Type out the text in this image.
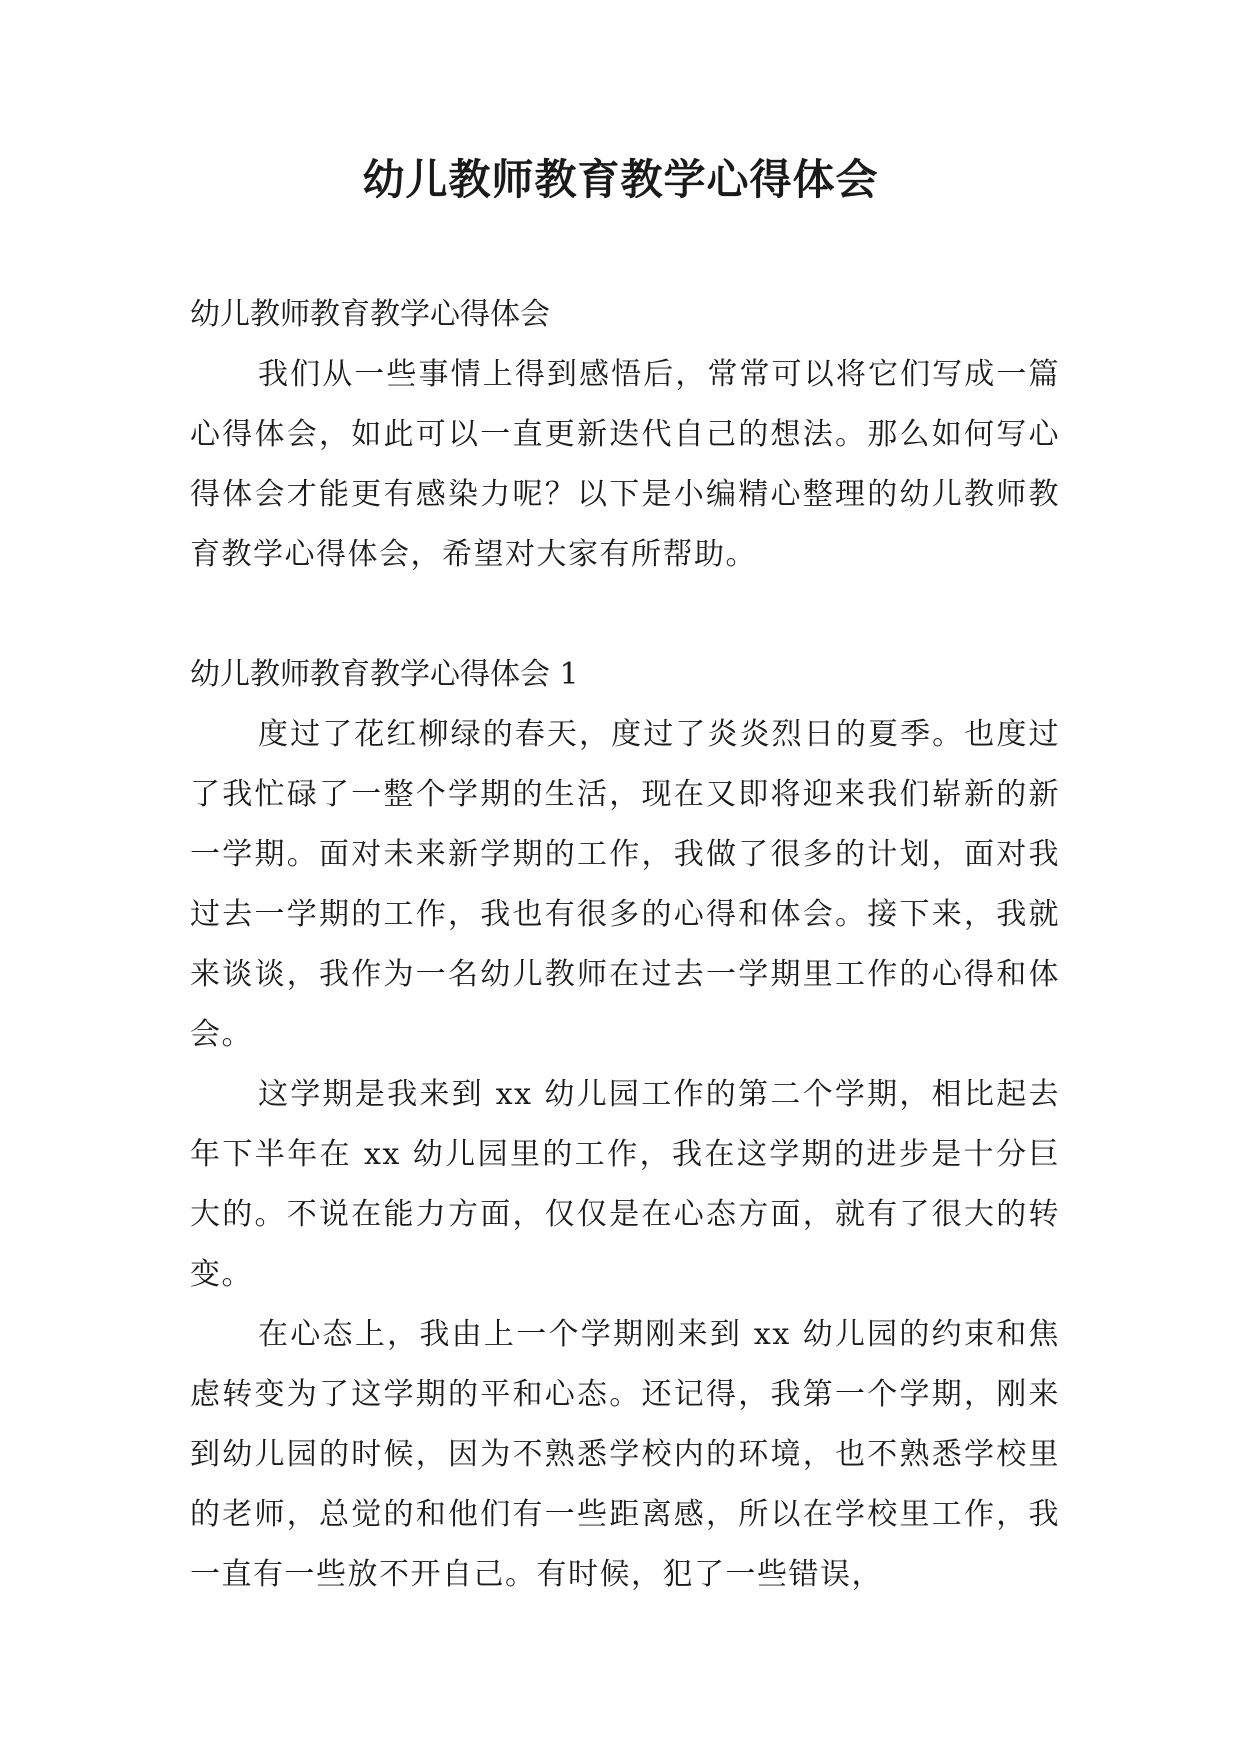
幼儿教师教育教学心得体会

幼儿教师教育教学心得体会

我们从一些事情上得到感悟后，常常可以将它们写成一篇心得体会，如此可以一直更新迭代自己的想法。那么如何写心得体会才能更有感染力呢？以下是小编精心整理的幼儿教师教育教学心得体会，希望对大家有所帮助。

幼儿教师教育教学心得体会 1

度过了花红柳绿的春天，度过了炎炎烈日的夏季。也度过了我忙碌了一整个学期的生活，现在又即将迎来我们崭新的新一学期。面对未来新学期的工作，我做了很多的计划，面对我过去一学期的工作，我也有很多的心得和体会。接下来，我就来谈谈，我作为一名幼儿教师在过去一学期里工作的心得和体会。

这学期是我来到 xx 幼儿园工作的第二个学期，相比起去年下半年在 xx 幼儿园里的工作，我在这学期的进步是十分巨大的。不说在能力方面，仅仅是在心态方面，就有了很大的转变。

在心态上，我由上一个学期刚来到 xx 幼儿园的约束和焦虑转变为了这学期的平和心态。还记得，我第一个学期，刚来到幼儿园的时候，因为不熟悉学校内的环境，也不熟悉学校里的老师，总觉的和他们有一些距离感，所以在学校里工作，我一直有一些放不开自己。有时候，犯了一些错误，
